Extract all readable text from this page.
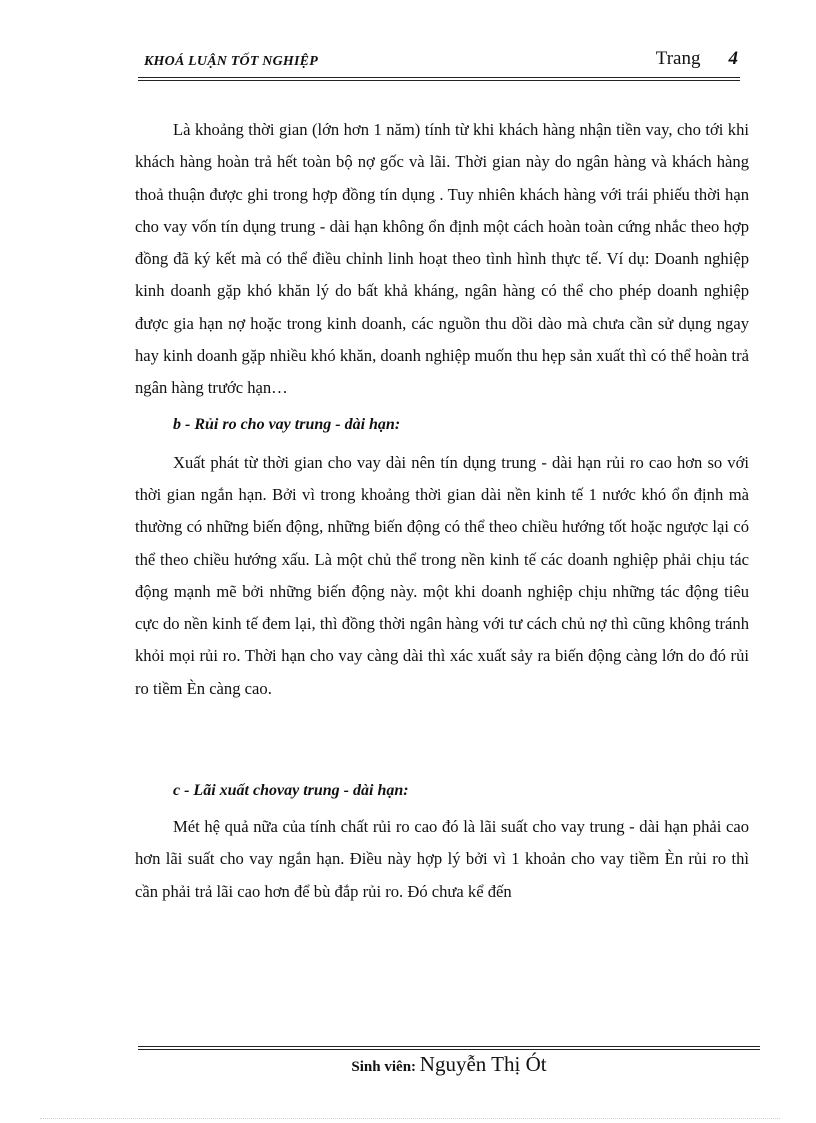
KHOÁ LUẬN TỐT NGHIỆP	Trang 4

Là khoảng thời gian (lớn hơn 1 năm) tính từ khi khách hàng nhận tiền vay, cho tới khi khách hàng hoàn trả hết toàn bộ nợ gốc và lãi. Thời gian này do ngân hàng và khách hàng thoả thuận được ghi trong hợp đồng tín dụng . Tuy nhiên khách hàng với trái phiếu thời hạn cho vay vốn tín dụng trung - dài hạn không ổn định một cách hoàn toàn cứng nhắc theo hợp đồng đã ký kết mà có thể điều chỉnh linh hoạt theo tình hình thực tế. Ví dụ: Doanh nghiệp kinh doanh gặp khó khăn lý do bất khả kháng, ngân hàng có thể cho phép doanh nghiệp được gia hạn nợ hoặc trong kinh doanh, các nguồn thu dồi dào mà chưa cần sử dụng ngay hay kinh doanh gặp nhiều khó khăn, doanh nghiệp muốn thu hẹp sản xuất thì có thể hoàn trả ngân hàng trước hạn…

b - Rủi ro cho vay trung - dài hạn:

Xuất phát từ thời gian cho vay dài nên tín dụng trung - dài hạn rủi ro cao hơn so với thời gian ngắn hạn. Bởi vì trong khoảng thời gian dài nền kinh tế 1 nước khó ổn định mà thường có những biến động, những biến động có thể theo chiều hướng tốt hoặc ngược lại có thể theo chiều hướng xấu. Là một chủ thể trong nền kinh tế các doanh nghiệp phải chịu tác động mạnh mẽ bởi những biến động này. một khi doanh nghiệp chịu những tác động tiêu cực do nền kinh tế đem lại, thì đồng thời ngân hàng với tư cách chủ nợ thì cũng không tránh khỏi mọi rủi ro. Thời hạn cho vay càng dài thì xác xuất sảy ra biến động càng lớn do đó rủi ro tiềm Èn càng cao.

c - Lãi xuất chovay trung - dài hạn:

Mét hệ quả nữa của tính chất rủi ro cao đó là lãi suất cho vay trung - dài hạn phải cao hơn lãi suất cho vay ngắn hạn. Điều này hợp lý bởi vì 1 khoản cho vay tiềm Èn rủi ro thì cần phải trả lãi cao hơn để bù đắp rủi ro. Đó chưa kể đến

Sinh viên: Nguyễn Thị Ót
